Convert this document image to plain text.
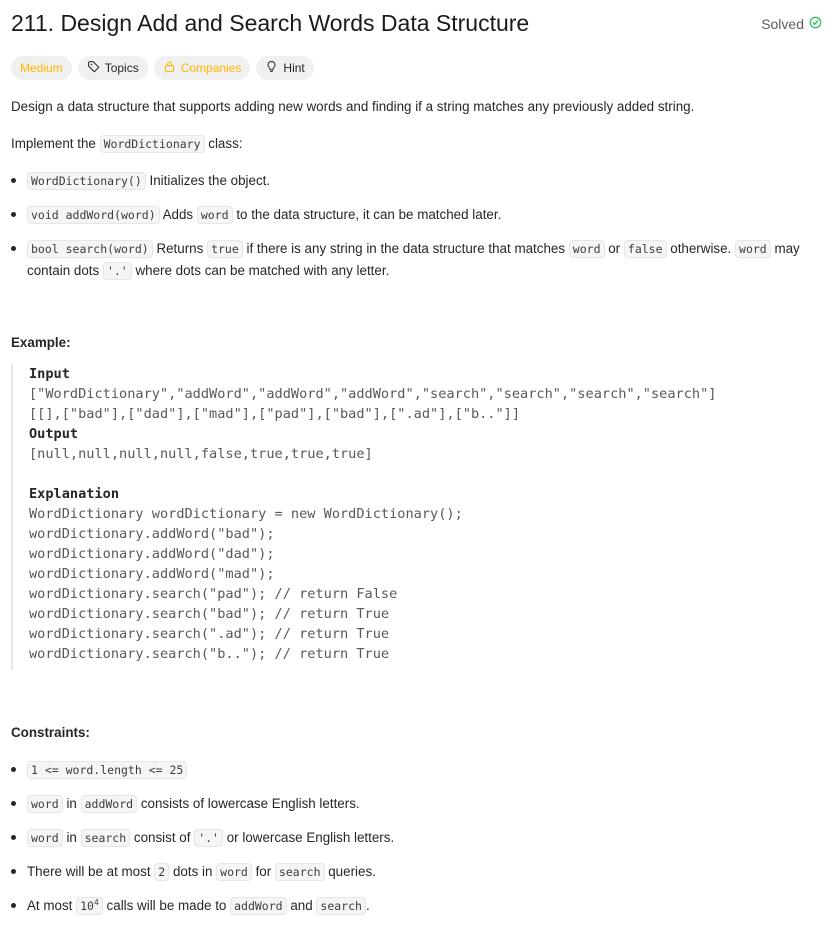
211. Design Add and Search Words Data Structure	Solved
Medium	Topics	Companies	Hint

Design a data structure that supports adding new words and finding if a string matches any previously added string.

Implement the WordDictionary class:

WordDictionary() Initializes the object.
void addWord(word) Adds word to the data structure, it can be matched later.
bool search(word) Returns true if there is any string in the data structure that matches word or false otherwise. word may contain dots '.' where dots can be matched with any letter.

Example:

Input
["WordDictionary","addWord","addWord","addWord","search","search","search","search"]
[[],["bad"],["dad"],["mad"],["pad"],["bad"],[".ad"],["b.."]]
Output
[null,null,null,null,false,true,true,true]
Explanation
WordDictionary wordDictionary = new WordDictionary();
wordDictionary.addWord("bad");
wordDictionary.addWord("dad");
wordDictionary.addWord("mad");
wordDictionary.search("pad"); // return False
wordDictionary.search("bad"); // return True
wordDictionary.search(".ad"); // return True
wordDictionary.search("b.."); // return True

Constraints:

1 <= word.length <= 25
word in addWord consists of lowercase English letters.
word in search consist of '.' or lowercase English letters.
There will be at most 2 dots in word for search queries.
At most $10^4$ calls will be made to addWord and search .
